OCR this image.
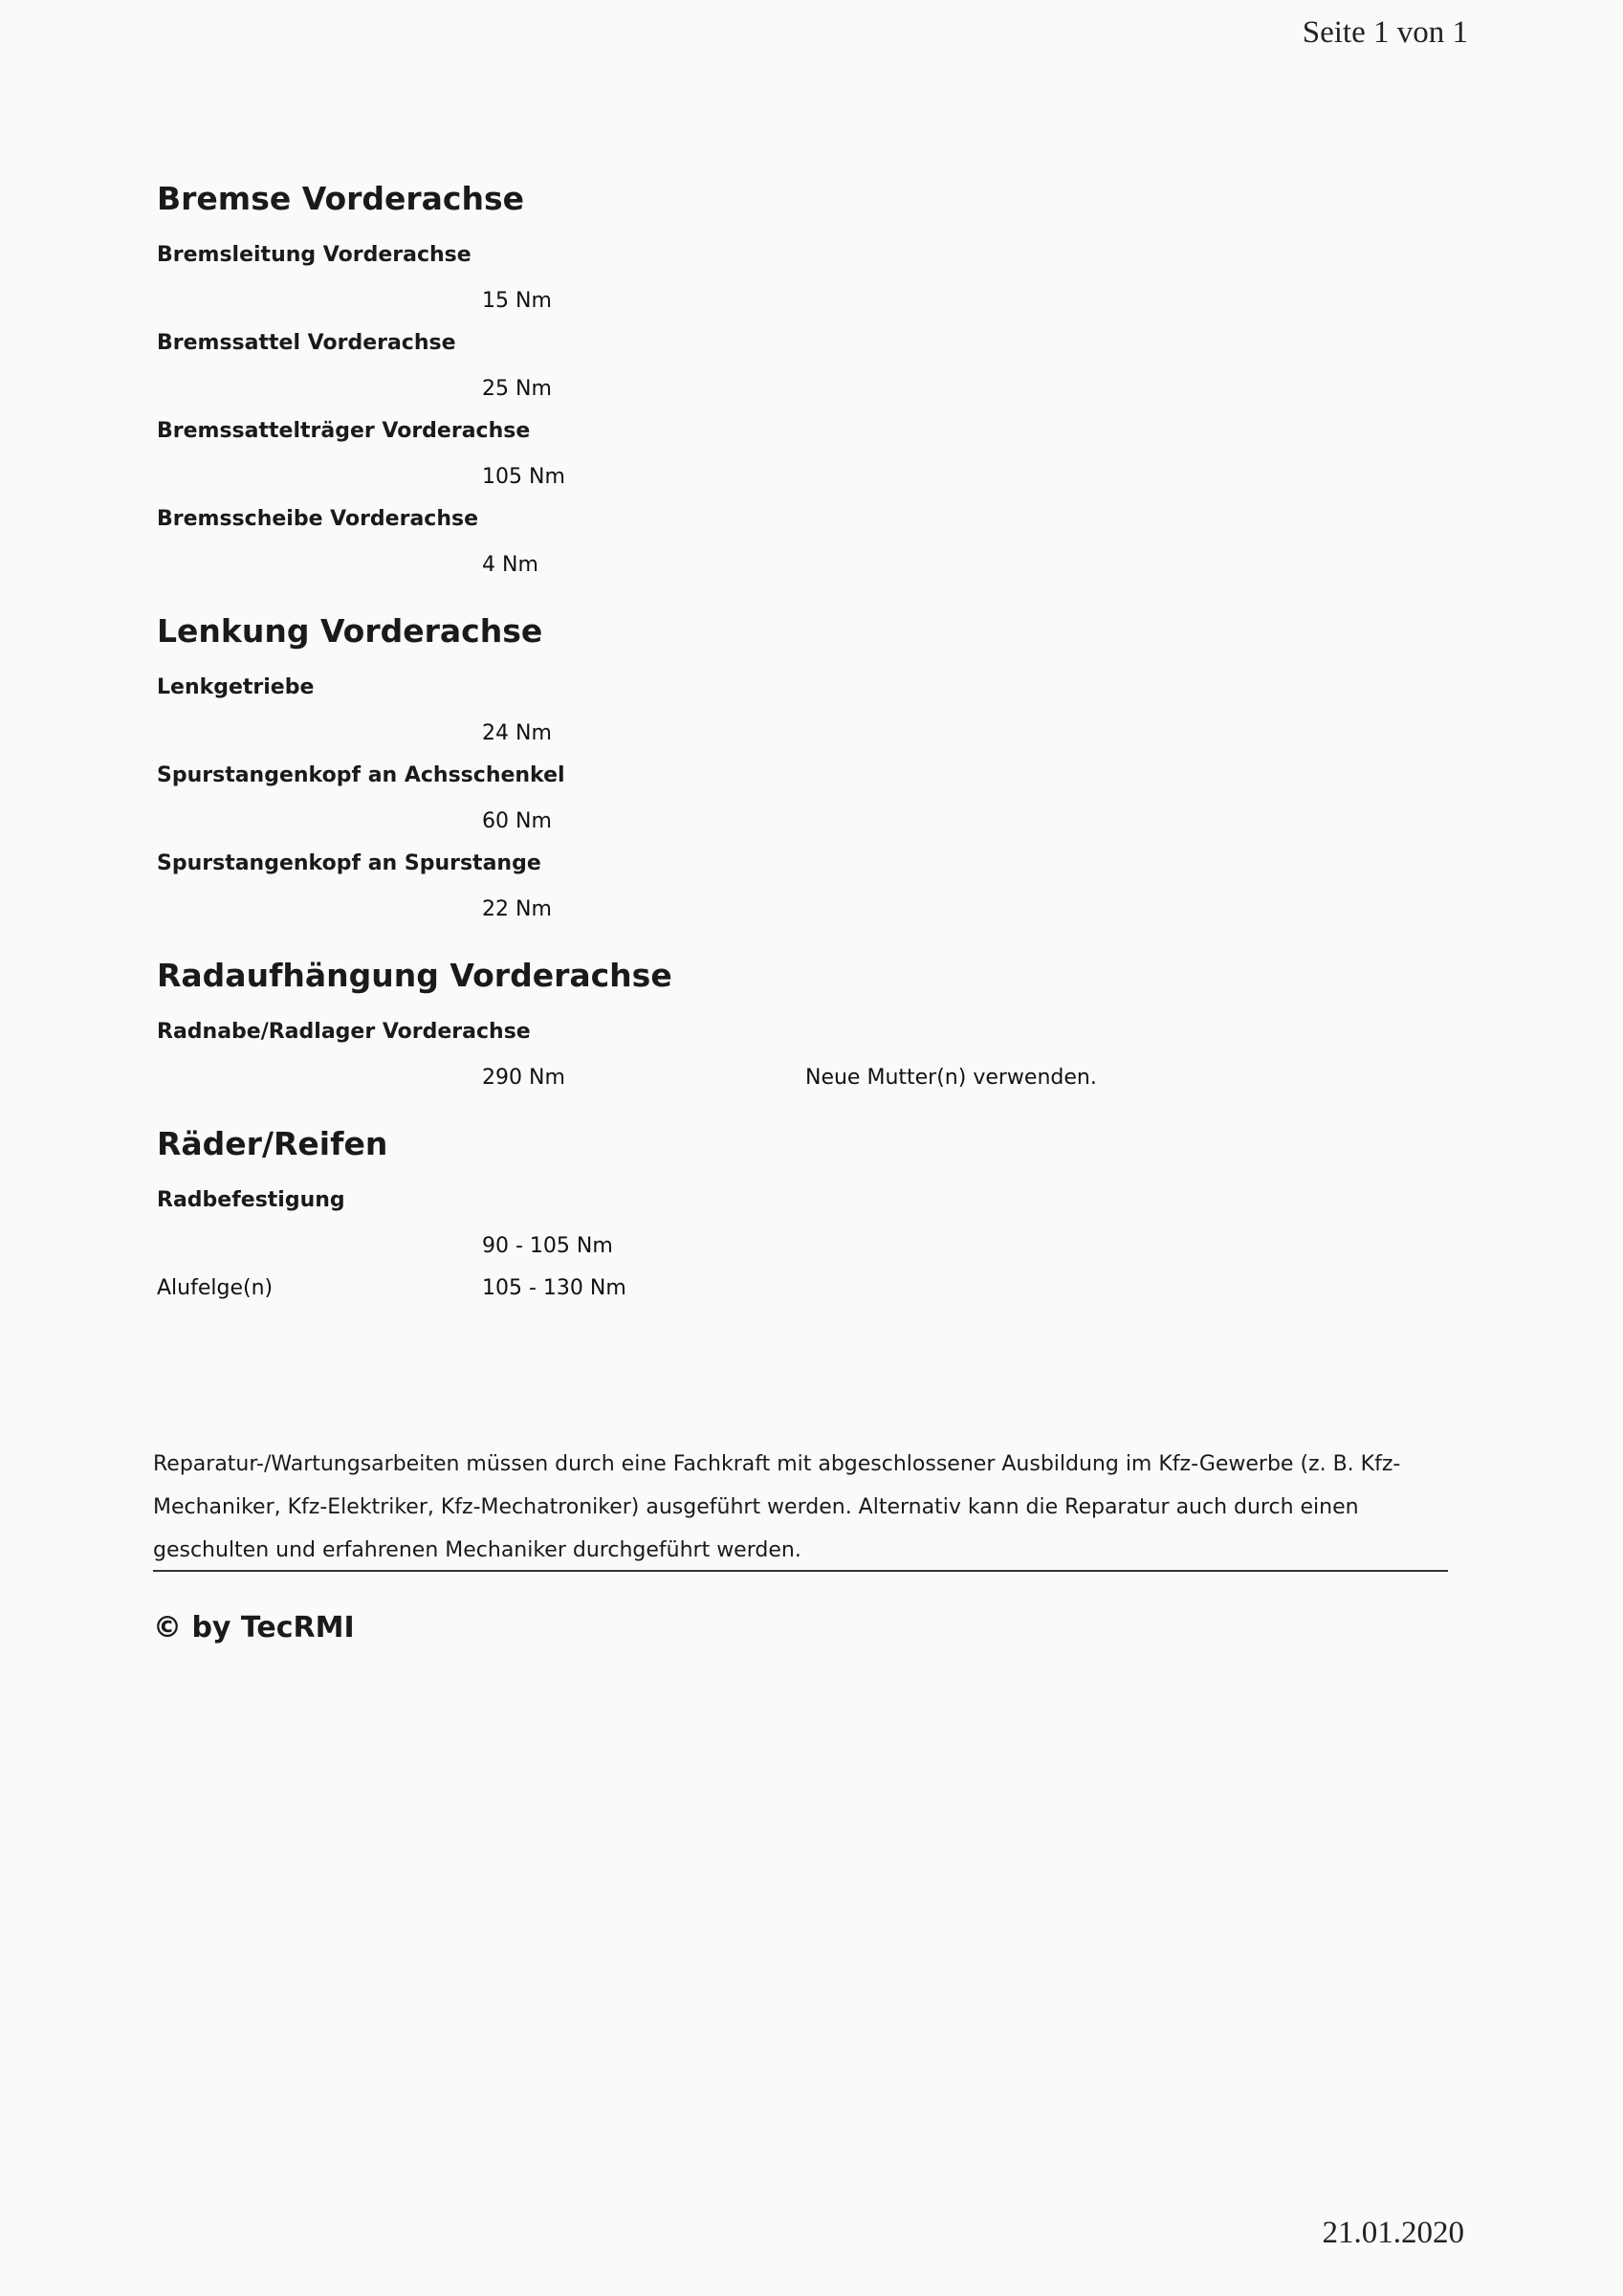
Seite 1 von 1
Bremse Vorderachse
Bremsleitung Vorderachse
15 Nm
Bremssattel Vorderachse
25 Nm
Bremssattelträger Vorderachse
105 Nm
Bremsscheibe Vorderachse
4 Nm
Lenkung Vorderachse
Lenkgetriebe
24 Nm
Spurstangenkopf an Achsschenkel
60 Nm
Spurstangenkopf an Spurstange
22 Nm
Radaufhängung Vorderachse
Radnabe/Radlager Vorderachse
290 Nm	Neue Mutter(n) verwenden.
Räder/Reifen
Radbefestigung
90 - 105 Nm
Alufelge(n)	105 - 130 Nm
Reparatur-/Wartungsarbeiten müssen durch eine Fachkraft mit abgeschlossener Ausbildung im Kfz-Gewerbe (z. B. Kfz-Mechaniker, Kfz-Elektriker, Kfz-Mechatroniker) ausgeführt werden. Alternativ kann die Reparatur auch durch einen geschulten und erfahrenen Mechaniker durchgeführt werden.
© by TecRMI
21.01.2020
